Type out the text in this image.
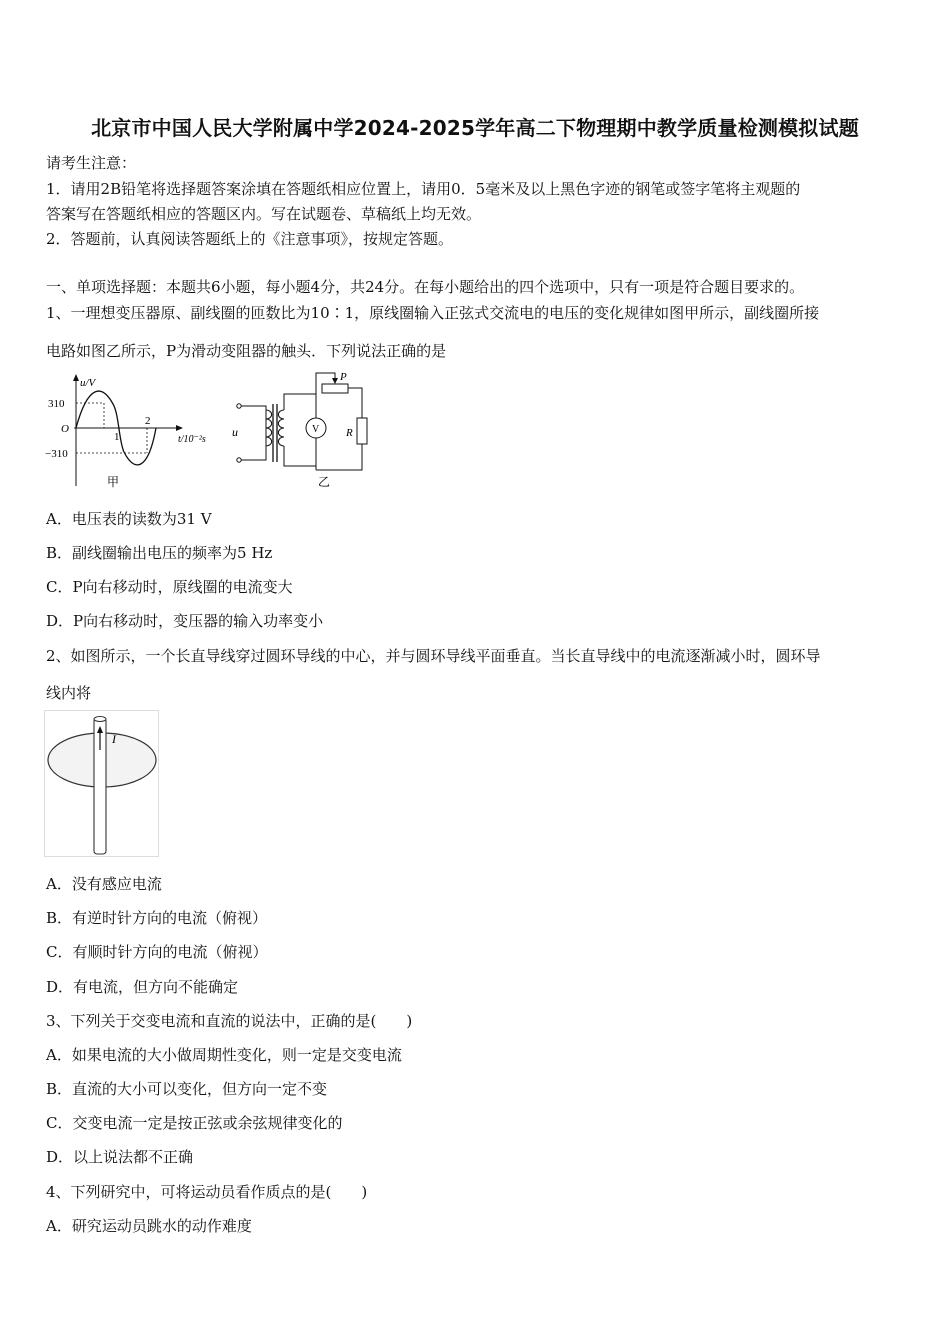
北京市中国人民大学附属中学2024-2025学年高二下物理期中教学质量检测模拟试题
请考生注意：
1．请用2B铅笔将选择题答案涂填在答题纸相应位置上，请用0．5毫米及以上黑色字迹的钢笔或签字笔将主观题的
答案写在答题纸相应的答题区内。写在试题卷、草稿纸上均无效。
2．答题前，认真阅读答题纸上的《注意事项》，按规定答题。
一、单项选择题：本题共6小题，每小题4分，共24分。在每小题给出的四个选项中，只有一项是符合题目要求的。
1、一理想变压器原、副线圈的匝数比为10∶1，原线圈输入正弦式交流电的电压的变化规律如图甲所示，副线圈所接
电路如图乙所示，P为滑动变阻器的触头．下列说法正确的是
u/V
310
−310
O
1
2
t/10⁻²s
甲
u	V
P
R
乙
A．电压表的读数为31 V
B．副线圈输出电压的频率为5 Hz
C．P向右移动时，原线圈的电流变大
D．P向右移动时，变压器的输入功率变小
2、如图所示，一个长直导线穿过圆环导线的中心，并与圆环导线平面垂直。当长直导线中的电流逐渐减小时，圆环导
线内将
I
A．没有感应电流
B．有逆时针方向的电流（俯视）
C．有顺时针方向的电流（俯视）
D．有电流，但方向不能确定
3、下列关于交变电流和直流的说法中，正确的是(　　)
A．如果电流的大小做周期性变化，则一定是交变电流
B．直流的大小可以变化，但方向一定不变
C．交变电流一定是按正弦或余弦规律变化的
D．以上说法都不正确
4、下列研究中，可将运动员看作质点的是(　　)
A．研究运动员跳水的动作难度
